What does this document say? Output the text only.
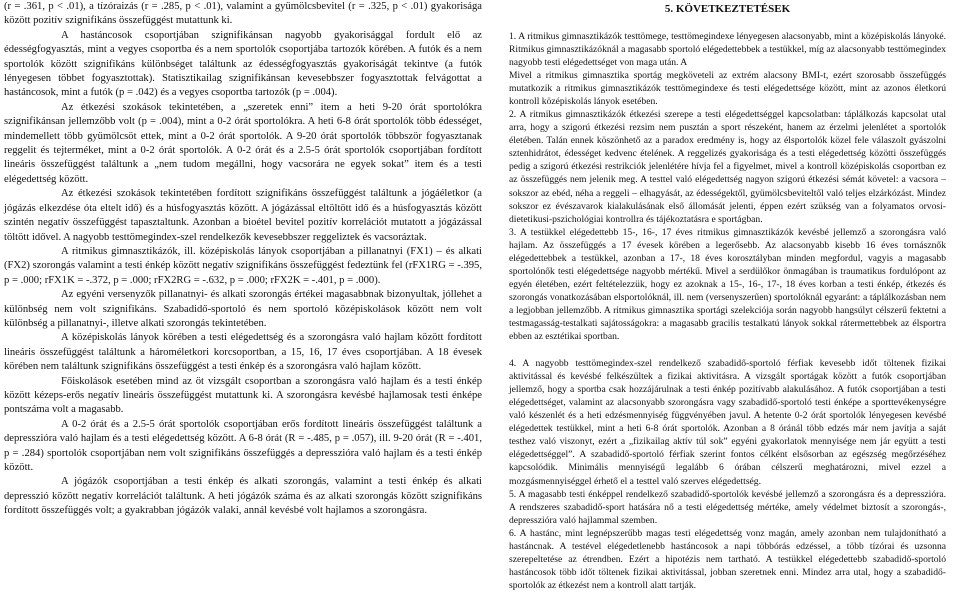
(r = .361, p < .01), a tízóraizás (r = .285, p < .01), valamint a gyümölcsbevitel (r = .325, p < .01) gyakorisága között pozitív szignifikáns összefüggést mutattunk ki.

A hastáncosok csoportjában szignifikánsan nagyobb gyakorisággal fordult elő az édességfogyasztás, mint a vegyes csoportba és a nem sportolók csoportjába tartozók körében. A futók és a nem sportolók között szignifikáns különbséget találtunk az édességfogyasztás gyakoriságát tekintve (a futók lényegesen többet fogyasztottak). Statisztikailag szignifikánsan kevesebbszer fogyasztottak felvágottat a hastáncosok, mint a futók (p = .042) és a vegyes csoportba tartozók (p = .004).

Az étkezési szokások tekintetében, a „szeretek enni” item a heti 9-20 órát sportolókra szignifikánsan jellemzőbb volt (p = .004), mint a 0-2 órát sportolókra. A heti 6-8 órát sportolók több édességet, mindemellett több gyümölcsöt ettek, mint a 0-2 órát sportolók. A 9-20 órát sportolók többször fogyasztanak reggelit és tejterméket, mint a 0-2 órát sportolók. A 0-2 órát és a 2.5-5 órát sportolók csoportjában fordított lineáris összefüggést találtunk a „nem tudom megállni, hogy vacsorára ne egyek sokat” item és a testi elégedettség között.

Az étkezési szokások tekintetében fordított szignifikáns összefüggést találtunk a jógáéletkor (a jógázás elkezdése óta eltelt idő) és a húsfogyasztás között. A jógázással eltöltött idő és a húsfogyasztás között szintén negatív összefüggést tapasztaltunk. Azonban a bioétel bevitel pozitív korrelációt mutatott a jógázással töltött idővel. A nagyobb testtömegindex-szel rendelkezők kevesebbszer reggeliztek és vacsoráztak.

A ritmikus gimnasztikázók, ill. középiskolás lányok csoportjában a pillanatnyi (FX1) – és alkati (FX2) szorongás valamint a testi énkép között negatív szignifikáns összefüggést fedeztünk fel (rFX1RG = -.395, p = .000; rFX1K = -.372, p = .000; rFX2RG = -.632, p = .000; rFX2K = -.401, p = .000).

Az egyéni versenyzők pillanatnyi- és alkati szorongás értékei magasabbnak bizonyultak, jóllehet a különbség nem volt szignifikáns. Szabadidő-sportoló és nem sportoló középiskolások között nem volt különbség a pillanatnyi-, illetve alkati szorongás tekintetében.

A középiskolás lányok körében a testi elégedettség és a szorongásra való hajlam között fordított lineáris összefüggést találtunk a hároméletkori korcsoportban, a 15, 16, 17 éves csoportjában. A 18 évesek körében nem találtunk szignifikáns összefüggést a testi énkép és a szorongásra való hajlam között.

Főiskolások esetében mind az öt vizsgált csoportban a szorongásra való hajlam és a testi énkép között kézeps-erős negatív lineáris összefüggést mutattunk ki. A szorongásra kevésbé hajlamosak testi énképe pontszáma volt a magasabb.

A 0-2 órát és a 2.5-5 órát sportolók csoportjában erős fordított lineáris összefüggést találtunk a depresszióra való hajlam és a testi elégedettség között. A 6-8 órát (R = -.485, p = .057), ill. 9-20 órát (R = -.401, p = .284) sportolók csoportjában nem volt szignifikáns összefüggés a depresszióra való hajlam és a testi énkép között.

A jógázók csoportjában a testi énkép és alkati szorongás, valamint a testi énkép és alkati depresszió között negatív korrelációt találtunk. A heti jógázók száma és az alkati szorongás között szignifikáns fordított összefüggés volt; a gyakrabban jógázók valaki, annál kevésbé volt hajlamos a szorongásra.

5. KÖVETKEZTETÉSEK

1. A ritmikus gimnasztikázók testtömege, testtömegindexe lényegesen alacsonyabb, mint a középiskolás lányoké. Ritmikus gimnasztikázóknál a magasabb sportoló elégedettebbek a testükkel, míg az alacsonyabb testtömegindex nagyobb testi elégedettséget von maga után. A

Mivel a ritmikus gimnasztika sportág megköveteli az extrém alacsony BMI-t, ezért szorosabb összefüggés mutatkozik a ritmikus gimnasztikázók testtömegindexe és testi elégedettsége között, mint az azonos életkorú kontroll középiskolás lányok esetében.

2. A ritmikus gimnasztikázók étkezési szerepe a testi elégedettséggel kapcsolatban: táplálkozás kapcsolat utal arra, hogy a szigorú étkezési rezsim nem pusztán a sport részeként, hanem az érzelmi jelenlétet a sportolók életében. Talán ennek köszönhető az a paradox eredmény is, hogy az élsportolók közel fele válaszolt gyászolni sztenhidrátot, édességet kedvenc ételének. A reggelizés gyakorisága és a testi elégedettség közötti összefüggés pedig a szigorú étkezési restrikciók jelenlétére hívja fel a figyelmet, mivel a kontroll középiskolás csoportban ez az összefüggés nem jelenik meg. A testtel való elégedettség nagyon szigorú étkezési sémát követel: a vacsora – sokszor az ebéd, néha a reggeli – elhagyását, az édességektől, gyümölcsbeviteltől való teljes elzárkózást. Mindez sokszor ez évészavarok kialakulásának első állomását jelenti, éppen ezért szükség van a folyamatos orvosi-dietetikusi-pszichológiai kontrollra és tájékoztatásra e sportágban.

3. A testükkel elégedettebb 15-, 16-, 17 éves ritmikus gimnasztikázók kevésbé jellemző a szorongásra való hajlam. Az összefüggés a 17 évesek körében a legerősebb. Az alacsonyabb kisebb 16 éves tornásznők elégedettebbek a testükkel, azonban a 17-, 18 éves korosztályban minden megfordul, vagyis a magasabb sportolónők testi elégedettsége nagyobb mértékű. Mivel a serdülőkor önmagában is traumatikus fordulópont az egyén életében, ezért feltételezzük, hogy ez azoknak a 15-, 16-, 17-, 18 éves korban a testi énkép, étkezés és szorongás vonatkozásában elsportolóknál, ill. nem (versenyszerűen) sportolóknál egyaránt: a táplálkozásban nem a legjobban jellemzőbb. A ritmikus gimnasztika sportági szelekciója során nagyobb hangsúlyt célszerű fektetni a testmagasság-testalkati sajátosságokra: a magasabb gracilis testalkatú lányok sokkal rátermettebbek az élsportra ebben az esztétikai sportban.

4. A nagyobb testtömegindex-szel rendelkező szabadidő-sportoló férfiak kevesebb időt töltenek fizikai aktivitással és kevésbé felkészültek a fizikai aktivitásra. A vizsgált sportágak között a futók csoportjában jellemző, hogy a sportba csak hozzájárulnak a testi énkép pozitívabb alakulásához. A futók csoportjában a testi elégedettséget, valamint az alacsonyabb szorongásra vagy szabadidő-sportoló testi énképe a sporttevékenységre való készenlét és a heti edzésmennyiség függvényében javul. A hetente 0-2 órát sportolók lényegesen kevésbé elégedettek testükkel, mint a heti 6-8 órát sportolók. Azonban a 8 óránál több edzés már nem javítja a saját testhez való viszonyt, ezért a „fizikailag aktív túl sok” egyéni gyakorlatok mennyisége nem jár együtt a testi elégedettséggel”. A szabadidő-sportoló férfiak szerint fontos célként elsősorban az egészség megőrzéséhez kapcsolódik. Minimális mennyiségű legalább 6 órában célszerű meghatározni, mivel ezzel a mozgásmennyiséggel érhető el a testtel való szerves elégedettség.

5. A magasabb testi énképpel rendelkező szabadidő-sportolók kevésbé jellemző a szorongásra és a depresszióra. A rendszeres szabadidő-sport hatására nő a testi elégedettség mértéke, amely védelmet biztosít a szorongás-, depresszióra való hajlammal szemben.

6. A hastánc, mint legnépszerűbb magas testi elégedettség vonz magán, amely azonban nem tulajdonítható a hastáncnak. A testével elégedetlenebb hastáncosok a napi többórás edzéssel, a több tízórai és uzsonna szerepeltetése az étrendben. Ezért a hipotézis nem tartható. A testükkel elégedettebb szabadidő-sportoló hastáncosok több időt töltenek fizikai aktivitással, jobban szeretnek enni. Mindez arra utal, hogy a szabadidő-sportolók az étkezést nem a kontroll alatt tartják.
